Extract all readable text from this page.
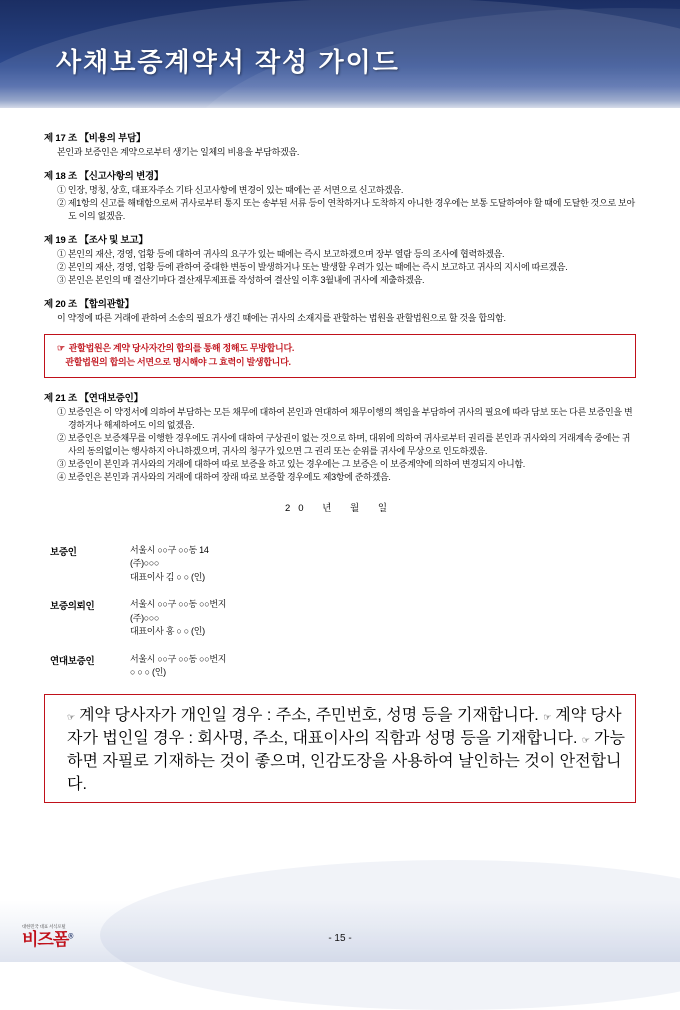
사채보증계약서 작성 가이드
제 17 조 【비용의 부담】
본인과 보증인은 계약으로부터 생기는 일체의 비용을 부담하겠음.
제 18 조 【신고사항의 변경】
① 인장, 명칭, 상호, 대표자주소 기타 신고사항에 변경이 있는 때에는 곧 서면으로 신고하겠음.
② 제1항의 신고를 해태함으로써 귀사로부터 통지 또는 송부된 서류 등이 연착하거나 도착하지 아니한 경우에는 보통 도달하여야 할 때에 도달한 것으로 보아도 이의 없겠음.
제 19 조 【조사 및 보고】
① 본인의 재산, 경영, 업황 등에 대하여 귀사의 요구가 있는 때에는 즉시 보고하겠으며 장부 열람 등의 조사에 협력하겠음.
② 본인의 재산, 경영, 업황 등에 관하여 중대한 변동이 발생하거나 또는 발생할 우려가 있는 때에는 즉시 보고하고 귀사의 지시에 따르겠음.
③ 본인은 본인의 매 결산기마다 결산재무제표를 작성하여 결산일 이후 3월내에 귀사에 제출하겠음.
제 20 조 【합의관할】
이 약정에 따른 거래에 관하여 소송의 필요가 생긴 때에는 귀사의 소재지를 관할하는 법원을 관할법원으로 할 것을 합의함.
☞ 관할법원은 계약 당사자간의 합의를 통해 정해도 무방합니다.
관할법원의 합의는 서면으로 명시해야 그 효력이 발생합니다.
제 21 조 【연대보증인】
① 보증인은 이 약정서에 의하여 부담하는 모든 채무에 대하여 본인과 연대하여 채무이행의 책임을 부담하여 귀사의 필요에 따라 담보 또는 다른 보증인을 변경하거나 해제하여도 이의 없겠음.
② 보증인은 보증채무를 이행한 경우에도 귀사에 대하여 구상권이 없는 것으로 하며, 대위에 의하여 귀사로부터 권리를 본인과 귀사와의 거래계속 중에는 귀사의 동의없이는 행사하지 아니하겠으며, 귀사의 청구가 있으면 그 권리 또는 순위를 귀사에 무상으로 인도하겠음.
③ 보증인이 본인과 귀사와의 거래에 대하여 따로 보증을 하고 있는 경우에는 그 보증은 이 보증계약에 의하여 변경되지 아니함.
④ 보증인은 본인과 귀사와의 거래에 대하여 장래 따로 보증할 경우에도 제3항에 준하겠음.
20 년 월 일
보증인	서울시 ○○구 ○○동 14
(주)○○○
대표이사 김 ○ ○ (인)
보증의뢰인	서울시 ○○구 ○○동 ○○번지
(주)○○○
대표이사 홍 ○ ○ (인)
연대보증인	서울시 ○○구 ○○동 ○○번지
○ ○ ○ (인)
☞ 계약 당사자가 개인일 경우 : 주소, 주민번호, 성명 등을 기재합니다. ☞ 계약 당사자가 법인일 경우 : 회사명, 주소, 대표이사의 직함과 성명 등을 기재합니다. ☞ 가능하면 자필로 기재하는 것이 좋으며, 인감도장을 사용하여 날인하는 것이 안전합니다.
대한민국 대표 서식포털
비즈폼®	- 15 -
